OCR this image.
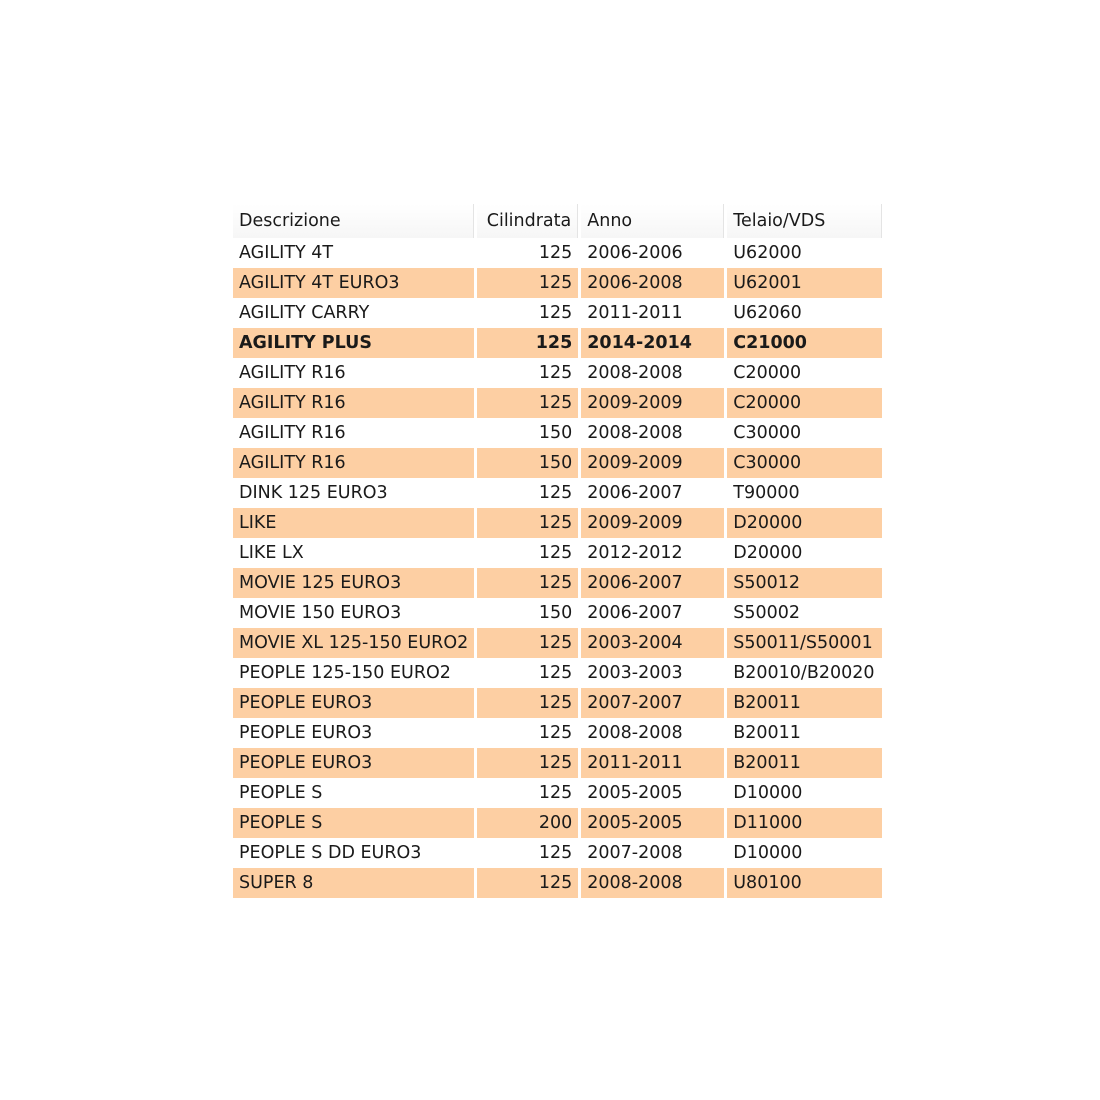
Descrizione	Cilindrata	Anno	Telaio/VDS
AGILITY 4T	125	2006-2006	U62000
AGILITY 4T EURO3	125	2006-2008	U62001
AGILITY CARRY	125	2011-2011	U62060
AGILITY PLUS	125	2014-2014	C21000
AGILITY R16	125	2008-2008	C20000
AGILITY R16	125	2009-2009	C20000
AGILITY R16	150	2008-2008	C30000
AGILITY R16	150	2009-2009	C30000
DINK 125 EURO3	125	2006-2007	T90000
LIKE	125	2009-2009	D20000
LIKE LX	125	2012-2012	D20000
MOVIE 125 EURO3	125	2006-2007	S50012
MOVIE 150 EURO3	150	2006-2007	S50002
MOVIE XL 125-150 EURO2	125	2003-2004	S50011/S50001
PEOPLE 125-150 EURO2	125	2003-2003	B20010/B20020
PEOPLE EURO3	125	2007-2007	B20011
PEOPLE EURO3	125	2008-2008	B20011
PEOPLE EURO3	125	2011-2011	B20011
PEOPLE S	125	2005-2005	D10000
PEOPLE S	200	2005-2005	D11000
PEOPLE S DD EURO3	125	2007-2008	D10000
SUPER 8	125	2008-2008	U80100
